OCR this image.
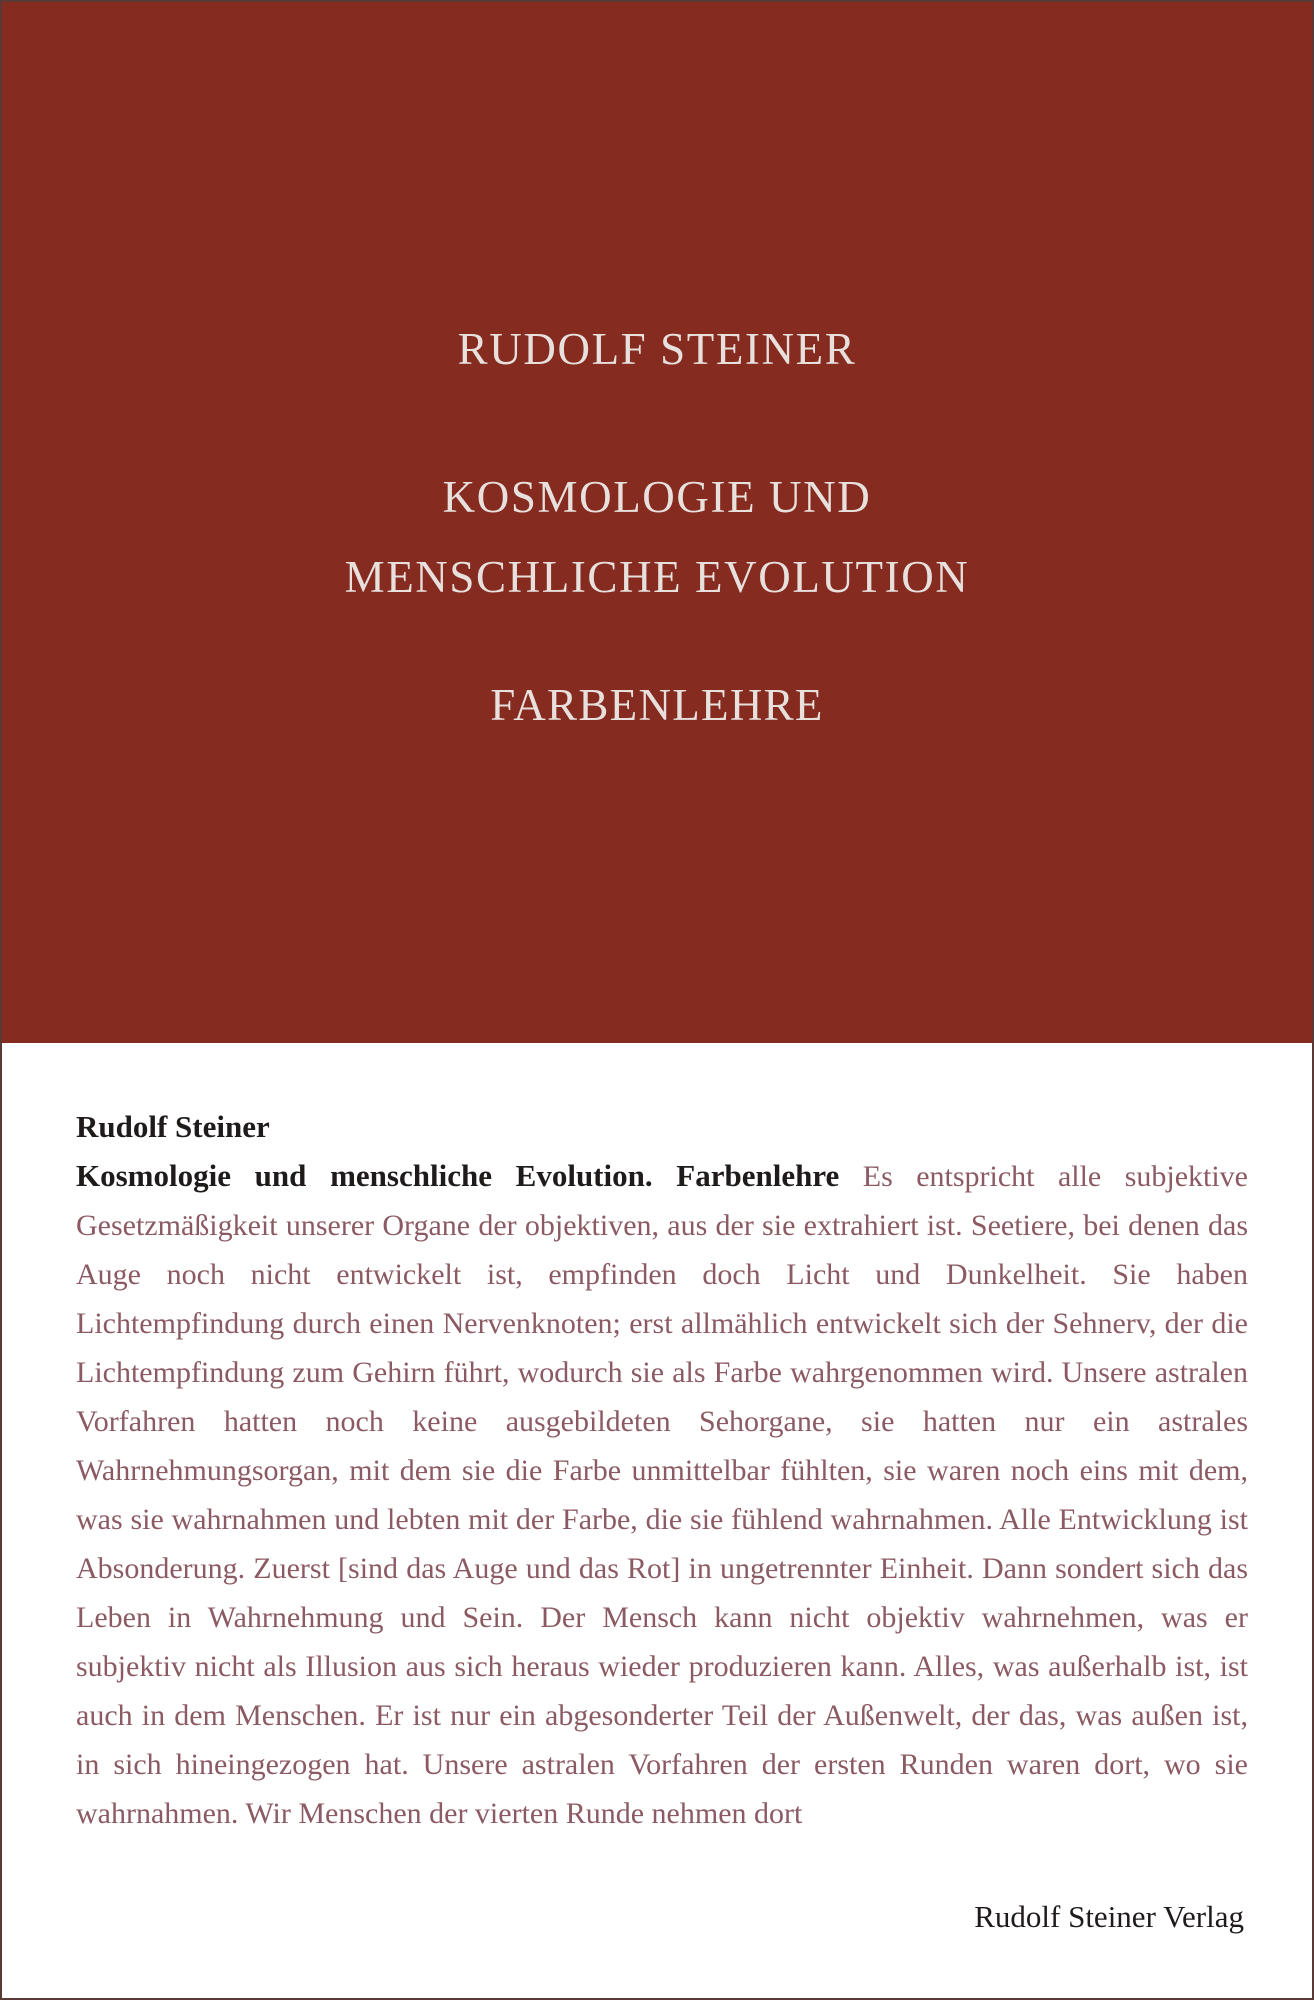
RUDOLF STEINER
KOSMOLOGIE UND
MENSCHLICHE EVOLUTION
FARBENLEHRE
Rudolf Steiner
Kosmologie und menschliche Evolution. Farbenlehre Es entspricht alle subjektive Gesetzmäßigkeit unserer Organe der objektiven, aus der sie extrahiert ist. Seetiere, bei denen das Auge noch nicht entwickelt ist, empfinden doch Licht und Dunkelheit. Sie haben Lichtempfindung durch einen Nervenknoten; erst allmählich entwickelt sich der Sehnerv, der die Lichtempfindung zum Gehirn führt, wodurch sie als Farbe wahrgenommen wird. Unsere astralen Vorfahren hatten noch keine ausgebildeten Sehorgane, sie hatten nur ein astrales Wahrnehmungsorgan, mit dem sie die Farbe unmittelbar fühlten, sie waren noch eins mit dem, was sie wahrnahmen und lebten mit der Farbe, die sie fühlend wahrnahmen. Alle Entwicklung ist Absonderung. Zuerst [sind das Auge und das Rot] in ungetrennter Einheit. Dann sondert sich das Leben in Wahrnehmung und Sein. Der Mensch kann nicht objektiv wahrnehmen, was er subjektiv nicht als Illusion aus sich heraus wieder produzieren kann. Alles, was außerhalb ist, ist auch in dem Menschen. Er ist nur ein abgesonderter Teil der Außenwelt, der das, was außen ist, in sich hineingezogen hat. Unsere astralen Vorfahren der ersten Runden waren dort, wo sie wahrnahmen. Wir Menschen der vierten Runde nehmen dort
Rudolf Steiner Verlag
